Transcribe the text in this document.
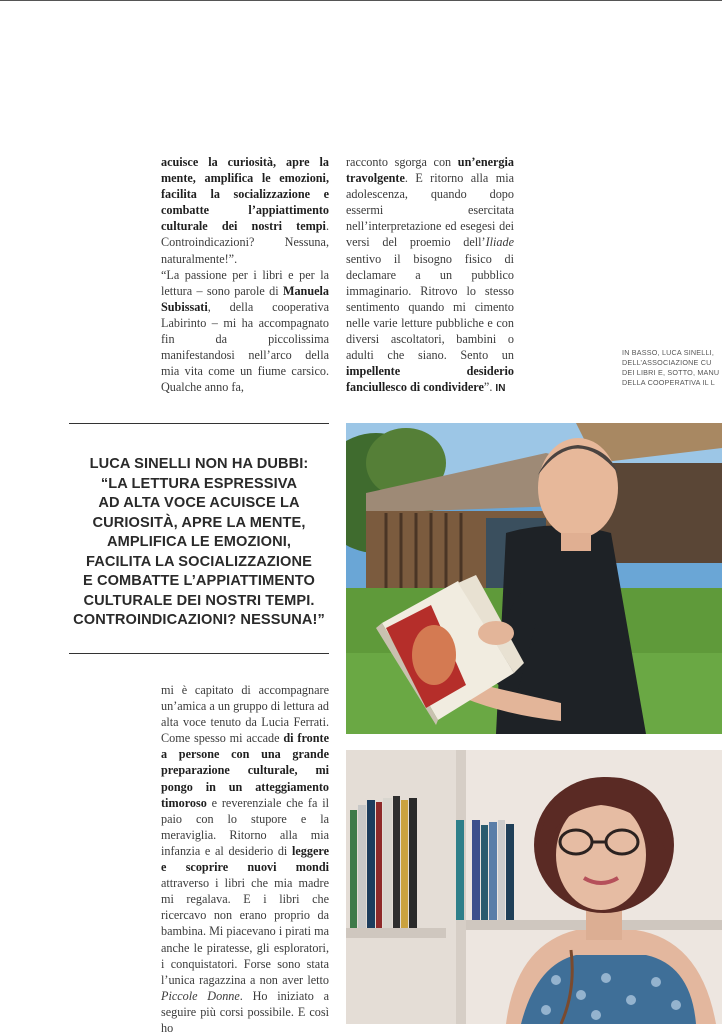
acuisce la curiosità, apre la mente, amplifica le emozioni, facilita la socializzazione e combatte l’appiattimento culturale dei nostri tempi. Controindicazioni? Nessuna, naturalmente!”.
“La passione per i libri e per la lettura – sono parole di Manuela Subissati, della cooperativa Labirinto – mi ha accompagnato fin da piccolissima manifestandosi nell’arco della mia vita come un fiume carsico. Qualche anno fa,
racconto sgorga con un’energia travolgente. E ritorno alla mia adolescenza, quando dopo essermi esercitata nell’interpretazione ed esegesi dei versi del proemio dell’Iliade sentivo il bisogno fisico di declamare a un pubblico immaginario. Ritrovo lo stesso sentimento quando mi cimento nelle varie letture pubbliche e con diversi ascoltatori, bambini o adulti che siano. Sento un impellente desiderio fanciullesco di condividere”. IN
IN BASSO, LUCA SINELLI,
DELL’ASSOCIAZIONE CU
DEI LIBRI E, SOTTO, MANU
DELLA COOPERATIVA IL L
LUCA SINELLI NON HA DUBBI:
“LA LETTURA ESPRESSIVA
AD ALTA VOCE ACUISCE LA
CURIOSITÀ, APRE LA MENTE,
AMPLIFICA LE EMOZIONI,
FACILITA LA SOCIALIZZAZIONE
E COMBATTE L’APPIATTIMENTO
CULTURALE DEI NOSTRI TEMPI.
CONTROINDICAZIONI? NESSUNA!”
mi è capitato di accompagnare un’amica a un gruppo di lettura ad alta voce tenuto da Lucia Ferrati. Come spesso mi accade di fronte a persone con una grande preparazione culturale, mi pongo in un atteggiamento timoroso e reverenziale che fa il paio con lo stupore e la meraviglia. Ritorno alla mia infanzia e al desiderio di leggere e scoprire nuovi mondi attraverso i libri che mia madre mi regalava. E i libri che ricercavo non erano proprio da bambina. Mi piacevano i pirati ma anche le piratesse, gli esploratori, i conquistatori. Forse sono stata l’unica ragazzina a non aver letto Piccole Donne. Ho iniziato a seguire più corsi possibile. E così ho
